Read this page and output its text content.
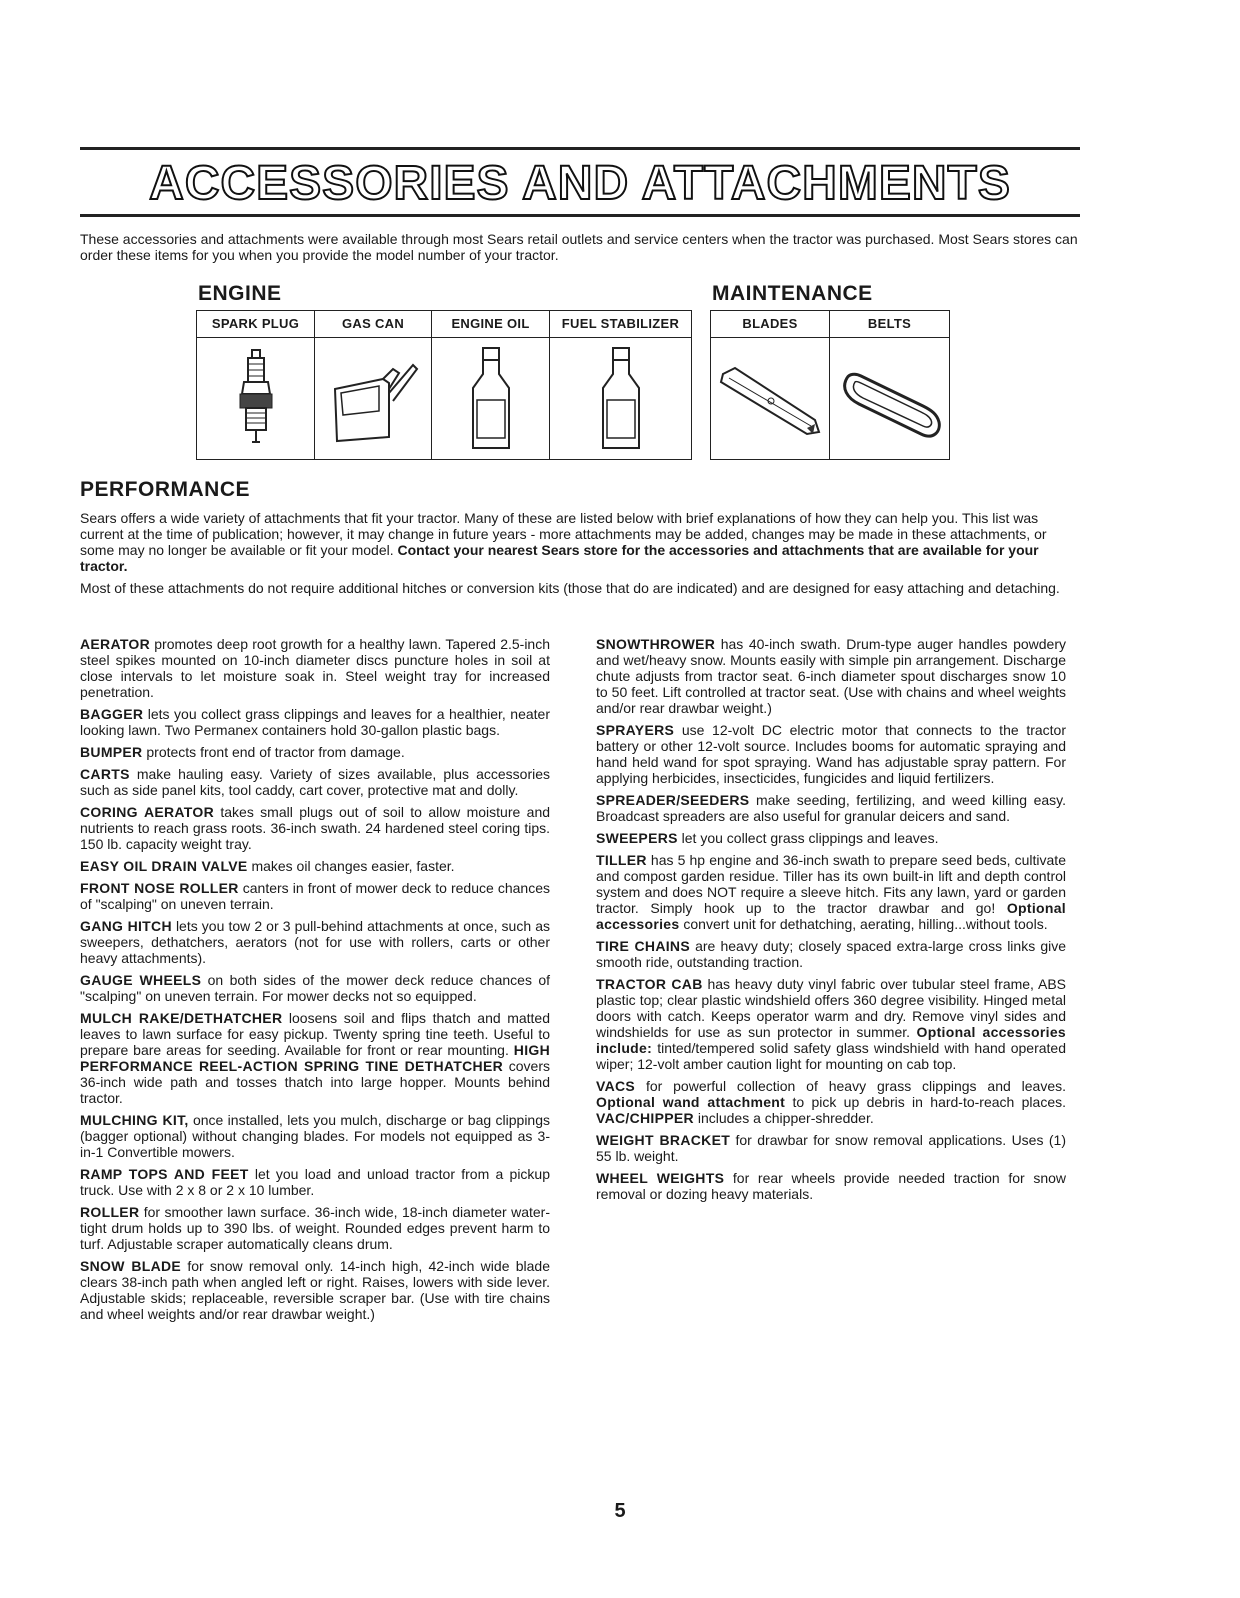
ACCESSORIES AND ATTACHMENTS
These accessories and attachments were available through most Sears retail outlets and service centers when the tractor was purchased. Most Sears stores can order these items for you when you provide the model number of your tractor.
ENGINE
SPARK PLUG	GAS CAN	ENGINE OIL	FUEL STABILIZER
MAINTENANCE
BLADES	BELTS
PERFORMANCE

Sears offers a wide variety of attachments that fit your tractor. Many of these are listed below with brief explanations of how they can help you. This list was current at the time of publication; however, it may change in future years - more attachments may be added, changes may be made in these attachments, or some may no longer be available or fit your model. Contact your nearest Sears store for the accessories and attachments that are available for your tractor.

Most of these attachments do not require additional hitches or conversion kits (those that do are indicated) and are designed for easy attaching and detaching.

AERATOR promotes deep root growth for a healthy lawn. Tapered 2.5-inch steel spikes mounted on 10-inch diameter discs puncture holes in soil at close intervals to let moisture soak in. Steel weight tray for increased penetration.

BAGGER lets you collect grass clippings and leaves for a healthier, neater looking lawn. Two Permanex containers hold 30-gallon plastic bags.

BUMPER protects front end of tractor from damage.

CARTS make hauling easy. Variety of sizes available, plus accessories such as side panel kits, tool caddy, cart cover, protective mat and dolly.

CORING AERATOR takes small plugs out of soil to allow moisture and nutrients to reach grass roots. 36-inch swath. 24 hardened steel coring tips. 150 lb. capacity weight tray.

EASY OIL DRAIN VALVE makes oil changes easier, faster.

FRONT NOSE ROLLER canters in front of mower deck to reduce chances of "scalping" on uneven terrain.

GANG HITCH lets you tow 2 or 3 pull-behind attachments at once, such as sweepers, dethatchers, aerators (not for use with rollers, carts or other heavy attachments).

GAUGE WHEELS on both sides of the mower deck reduce chances of "scalping" on uneven terrain. For mower decks not so equipped.

MULCH RAKE/DETHATCHER loosens soil and flips thatch and matted leaves to lawn surface for easy pickup. Twenty spring tine teeth. Useful to prepare bare areas for seeding. Available for front or rear mounting. HIGH PERFORMANCE REEL-ACTION SPRING TINE DETHATCHER covers 36-inch wide path and tosses thatch into large hopper. Mounts behind tractor.

MULCHING KIT, once installed, lets you mulch, discharge or bag clippings (bagger optional) without changing blades. For models not equipped as 3-in-1 Convertible mowers.

RAMP TOPS AND FEET let you load and unload tractor from a pickup truck. Use with 2 x 8 or 2 x 10 lumber.

ROLLER for smoother lawn surface. 36-inch wide, 18-inch diameter water-tight drum holds up to 390 lbs. of weight. Rounded edges prevent harm to turf. Adjustable scraper automatically cleans drum.

SNOW BLADE for snow removal only. 14-inch high, 42-inch wide blade clears 38-inch path when angled left or right. Raises, lowers with side lever. Adjustable skids; replaceable, reversible scraper bar. (Use with tire chains and wheel weights and/or rear drawbar weight.)

SNOWTHROWER has 40-inch swath. Drum-type auger handles powdery and wet/heavy snow. Mounts easily with simple pin arrangement. Discharge chute adjusts from tractor seat. 6-inch diameter spout discharges snow 10 to 50 feet. Lift controlled at tractor seat. (Use with chains and wheel weights and/or rear drawbar weight.)

SPRAYERS use 12-volt DC electric motor that connects to the tractor battery or other 12-volt source. Includes booms for automatic spraying and hand held wand for spot spraying. Wand has adjustable spray pattern. For applying herbicides, insecticides, fungicides and liquid fertilizers.

SPREADER/SEEDERS make seeding, fertilizing, and weed killing easy. Broadcast spreaders are also useful for granular deicers and sand.

SWEEPERS let you collect grass clippings and leaves.

TILLER has 5 hp engine and 36-inch swath to prepare seed beds, cultivate and compost garden residue. Tiller has its own built-in lift and depth control system and does NOT require a sleeve hitch. Fits any lawn, yard or garden tractor. Simply hook up to the tractor drawbar and go! Optional accessories convert unit for dethatching, aerating, hilling...without tools.

TIRE CHAINS are heavy duty; closely spaced extra-large cross links give smooth ride, outstanding traction.

TRACTOR CAB has heavy duty vinyl fabric over tubular steel frame, ABS plastic top; clear plastic windshield offers 360 degree visibility. Hinged metal doors with catch. Keeps operator warm and dry. Remove vinyl sides and windshields for use as sun protector in summer. Optional accessories include: tinted/tempered solid safety glass windshield with hand operated wiper; 12-volt amber caution light for mounting on cab top.

VACS for powerful collection of heavy grass clippings and leaves. Optional wand attachment to pick up debris in hard-to-reach places. VAC/CHIPPER includes a chipper-shredder.

WEIGHT BRACKET for drawbar for snow removal applications. Uses (1) 55 lb. weight.

WHEEL WEIGHTS for rear wheels provide needed traction for snow removal or dozing heavy materials.

5
